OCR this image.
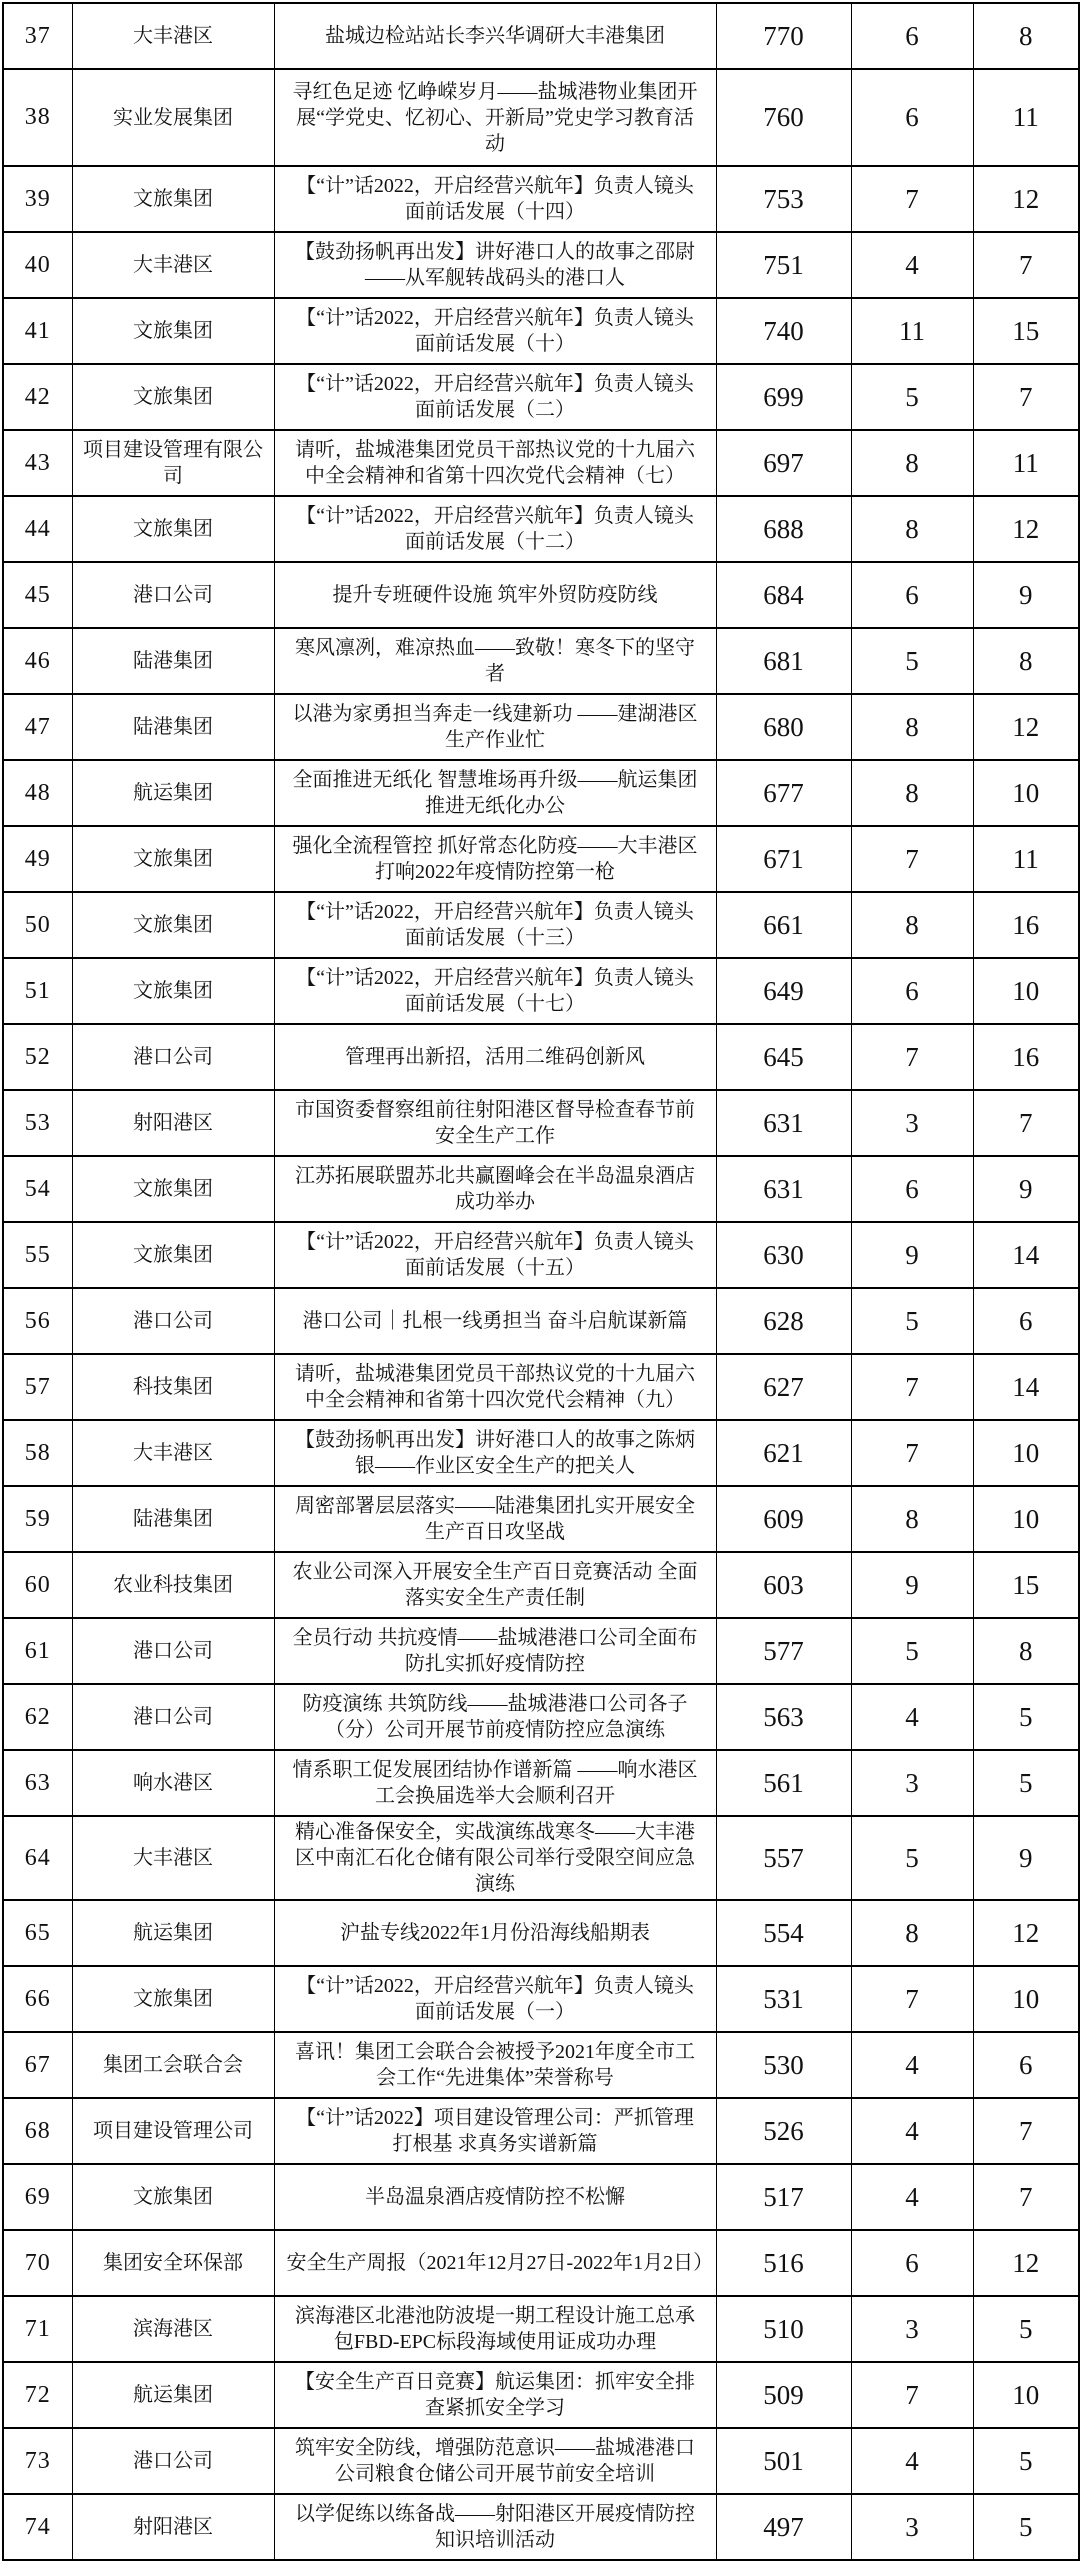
37	大丰港区	盐城边检站站长李兴华调研大丰港集团	770	6	8

38	实业发展集团	寻红色足迹 忆峥嵘岁月——盐城港物业集团开展“学党史、忆初心、开新局”党史学习教育活动	760	6	11

39	文旅集团	【“计”话2022，开启经营兴航年】负责人镜头面前话发展（十四）	753	7	12

40	大丰港区	【鼓劲扬帆再出发】讲好港口人的故事之邵尉——从军舰转战码头的港口人	751	4	7

41	文旅集团	【“计”话2022，开启经营兴航年】负责人镜头面前话发展（十）	740	11	15

42	文旅集团	【“计”话2022，开启经营兴航年】负责人镜头面前话发展（二）	699	5	7

43	项目建设管理有限公司	请听，盐城港集团党员干部热议党的十九届六中全会精神和省第十四次党代会精神（七）	697	8	11

44	文旅集团	【“计”话2022，开启经营兴航年】负责人镜头面前话发展（十二）	688	8	12

45	港口公司	提升专班硬件设施 筑牢外贸防疫防线	684	6	9

46	陆港集团	寒风凛冽，难凉热血——致敬！寒冬下的坚守者	681	5	8

47	陆港集团	以港为家勇担当奔走一线建新功 ——建湖港区生产作业忙	680	8	12

48	航运集团	全面推进无纸化 智慧堆场再升级——航运集团推进无纸化办公	677	8	10

49	文旅集团	强化全流程管控 抓好常态化防疫——大丰港区打响2022年疫情防控第一枪	671	7	11

50	文旅集团	【“计”话2022，开启经营兴航年】负责人镜头面前话发展（十三）	661	8	16

51	文旅集团	【“计”话2022，开启经营兴航年】负责人镜头面前话发展（十七）	649	6	10

52	港口公司	管理再出新招，活用二维码创新风	645	7	16

53	射阳港区	市国资委督察组前往射阳港区督导检查春节前安全生产工作	631	3	7

54	文旅集团	江苏拓展联盟苏北共赢圈峰会在半岛温泉酒店成功举办	631	6	9

55	文旅集团	【“计”话2022，开启经营兴航年】负责人镜头面前话发展（十五）	630	9	14

56	港口公司	港口公司｜扎根一线勇担当 奋斗启航谋新篇	628	5	6

57	科技集团	请听，盐城港集团党员干部热议党的十九届六中全会精神和省第十四次党代会精神（九）	627	7	14

58	大丰港区	【鼓劲扬帆再出发】讲好港口人的故事之陈炳银——作业区安全生产的把关人	621	7	10

59	陆港集团	周密部署层层落实——陆港集团扎实开展安全生产百日攻坚战	609	8	10

60	农业科技集团	农业公司深入开展安全生产百日竞赛活动 全面落实安全生产责任制	603	9	15

61	港口公司	全员行动 共抗疫情——盐城港港口公司全面布防扎实抓好疫情防控	577	5	8

62	港口公司	防疫演练 共筑防线——盐城港港口公司各子（分）公司开展节前疫情防控应急演练	563	4	5

63	响水港区	情系职工促发展团结协作谱新篇 ——响水港区工会换届选举大会顺利召开	561	3	5

64	大丰港区	精心准备保安全，实战演练战寒冬——大丰港区中南汇石化仓储有限公司举行受限空间应急演练	557	5	9

65	航运集团	沪盐专线2022年1月份沿海线船期表	554	8	12

66	文旅集团	【“计”话2022，开启经营兴航年】负责人镜头面前话发展（一）	531	7	10

67	集团工会联合会	喜讯！集团工会联合会被授予2021年度全市工会工作“先进集体”荣誉称号	530	4	6

68	项目建设管理公司	【“计”话2022】项目建设管理公司：严抓管理打根基 求真务实谱新篇	526	4	7

69	文旅集团	半岛温泉酒店疫情防控不松懈	517	4	7

70	集团安全环保部	安全生产周报（2021年12月27日-2022年1月2日）	516	6	12

71	滨海港区	滨海港区北港池防波堤一期工程设计施工总承包FBD-EPC标段海域使用证成功办理	510	3	5

72	航运集团	【安全生产百日竞赛】航运集团：抓牢安全排查紧抓安全学习	509	7	10

73	港口公司	筑牢安全防线，增强防范意识——盐城港港口公司粮食仓储公司开展节前安全培训	501	4	5

74	射阳港区	以学促练以练备战——射阳港区开展疫情防控知识培训活动	497	3	5
